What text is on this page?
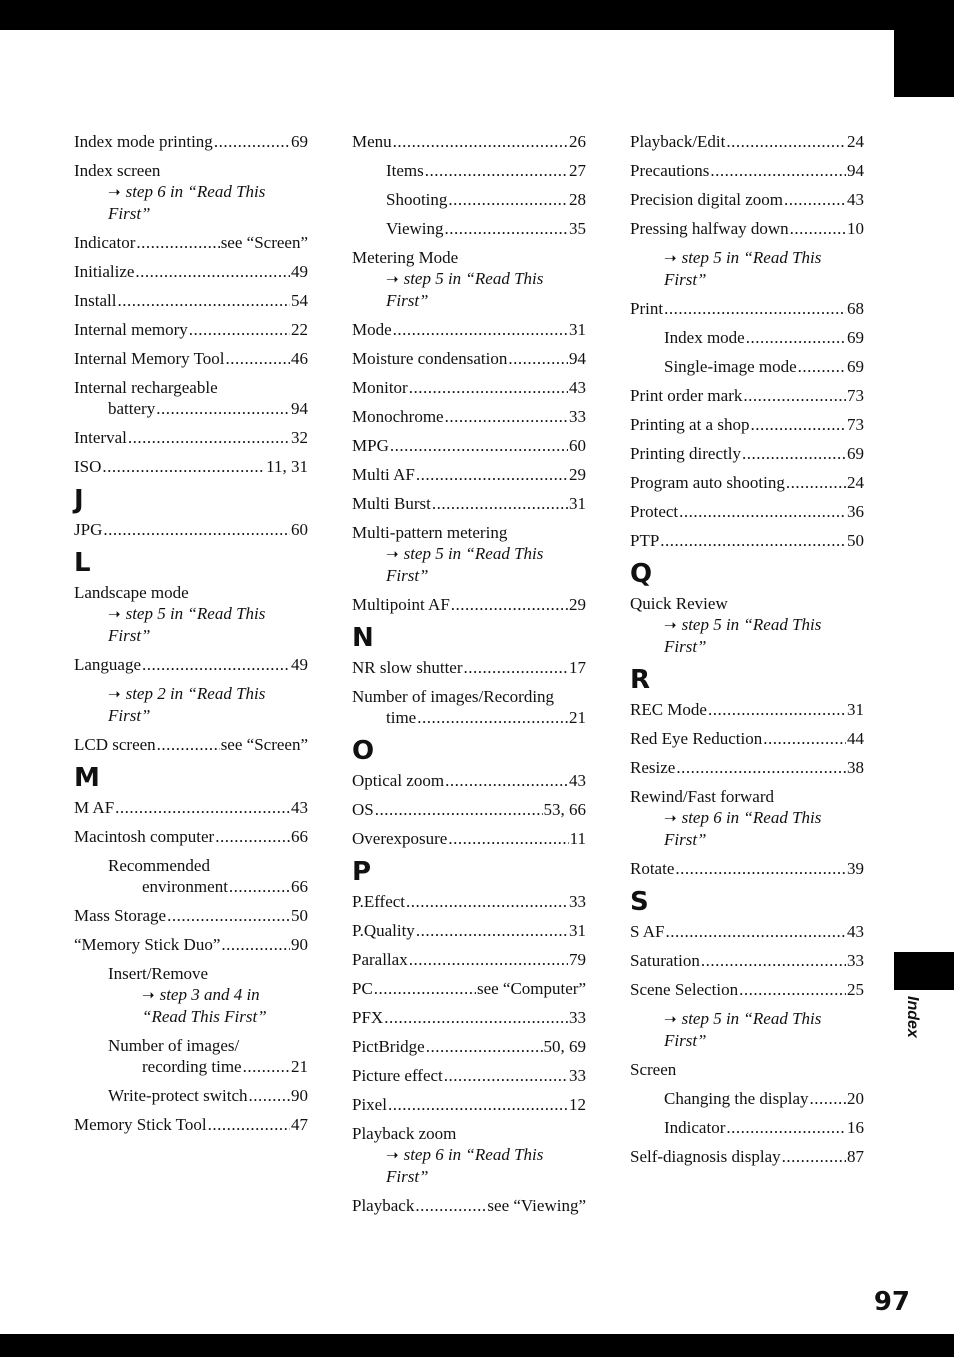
Index
97
Index mode printing .....	69
Index screen
➝ step 6 in “Read This First”
Indicator .....	see “Screen”
Initialize .....	49
Install .....	54
Internal memory .....	22
Internal Memory Tool .....	46
Internal rechargeable
battery .....	94
Interval .....	32
ISO .....	11, 31
J
JPG .....	60
L
Landscape mode
➝ step 5 in “Read This First”
Language .....	49
➝ step 2 in “Read This First”
LCD screen .....	see “Screen”
M
M AF .....	43
Macintosh computer .....	66
Recommended
environment .....	66
Mass Storage .....	50
“Memory Stick Duo” .....	90
Insert/Remove
➝ step 3 and 4 in “Read This First”
Number of images/
recording time .....	21
Write-protect switch .....	90
Memory Stick Tool .....	47
Menu .....	26
Items .....	27
Shooting .....	28
Viewing .....	35
Metering Mode
➝ step 5 in “Read This First”
Mode .....	31
Moisture condensation .....	94
Monitor .....	43
Monochrome .....	33
MPG .....	60
Multi AF .....	29
Multi Burst .....	31
Multi-pattern metering
➝ step 5 in “Read This First”
Multipoint AF .....	29
N
NR slow shutter .....	17
Number of images/Recording
time .....	21
O
Optical zoom .....	43
OS .....	53, 66
Overexposure .....	11
P
P.Effect .....	33
P.Quality .....	31
Parallax .....	79
PC .....	see “Computer”
PFX .....	33
PictBridge .....	50, 69
Picture effect .....	33
Pixel .....	12
Playback zoom
➝ step 6 in “Read This First”
Playback .....	see “Viewing”
Playback/Edit .....	24
Precautions .....	94
Precision digital zoom .....	43
Pressing halfway down .....	10
➝ step 5 in “Read This First”
Print .....	68
Index mode .....	69
Single-image mode .....	69
Print order mark .....	73
Printing at a shop .....	73
Printing directly .....	69
Program auto shooting .....	24
Protect .....	36
PTP .....	50
Q
Quick Review
➝ step 5 in “Read This First”
R
REC Mode .....	31
Red Eye Reduction .....	44
Resize .....	38
Rewind/Fast forward
➝ step 6 in “Read This First”
Rotate .....	39
S
S AF .....	43
Saturation .....	33
Scene Selection .....	25
➝ step 5 in “Read This First”
Screen
Changing the display ..... 20
Indicator .....	16
Self-diagnosis display .....	87
